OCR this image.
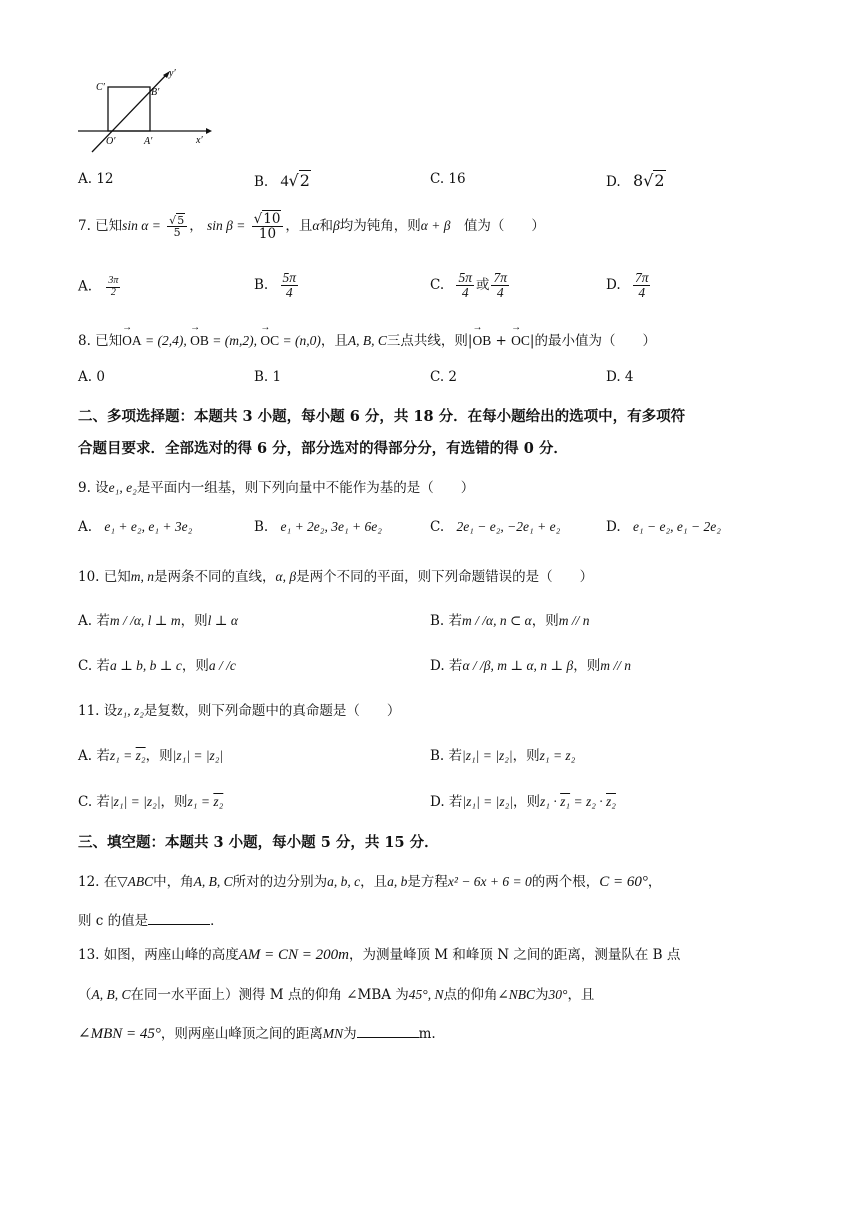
C′	B′
y′
O′	A′	x′
A. 12	B. 4√2	C. 16	D. 8√2
7. 已知$\sin \alpha = \frac{√5}{5}$ ， $\sin \beta = \frac{√10}{10}$ ，且α和β均为钝角，则α + β　值为（　　）
A. $\frac{3\pi}{2}$	B. $\frac{5\pi}{4}$	C. $\frac{5\pi}{4}$ 或 $\frac{7\pi}{4}$	D. $\frac{7\pi}{4}$
8. 已知→ OA = (2,4), → OB = (m,2), → OC = (n,0)，且A, B, C三点共线，则|→ OB + → OC|的最小值为（　　）
A. 0	B. 1	C. 2	D. 4
二、多项选择题：本题共 3 小题，每小题 6 分，共 18 分．在每小题给出的选项中，有多项符
合题目要求．全部选对的得 6 分，部分选对的得部分分，有选错的得 0 分．
9. 设e₁, e₂是平面内一组基，则下列向量中不能作为基的是（　　）
A. e₁ + e₂, e₁ + 3e₂	B. e₁ + 2e₂, 3e₁ + 6e₂	C. 2e₁ − e₂, −2e₁ + e₂	D. e₁ − e₂, e₁ − 2e₂
10. 已知m, n是两条不同的直线，α, β是两个不同的平面，则下列命题错误的是（　　）
A. 若m / /α, l ⊥ m，则l ⊥ α	B. 若m / /α, n ⊂ α，则m // n
C. 若a ⊥ b, b ⊥ c，则a / /c	D. 若α / /β, m ⊥ α, n ⊥ β，则m // n
11. 设z₁, z₂是复数，则下列命题中的真命题是（　　）
A. 若z₁ = z₂，则|z₁| = |z₂|	B. 若|z₁| = |z₂|，则z₁ = z₂
C. 若|z₁| = |z₂|，则z₁ = z₂	D. 若|z₁| = |z₂|，则z₁ · z₁ = z₂ · z₂
三、填空题：本题共 3 小题，每小题 5 分，共 15 分．
12. 在▽ABC中，角A, B, C所对的边分别为a, b, c，且a, b是方程x² − 6x + 6 = 0的两个根，C = 60°，
则 c 的值是	．
13. 如图，两座山峰的高度AM = CN = 200m，为测量峰顶 M 和峰顶 N 之间的距离，测量队在 B 点
（A, B, C在同一水平面上）测得 M 点的仰角 ∠MBA 为45°, N点的仰角∠NBC为30°，且
∠MBN = 45°，则两座山峰顶之间的距离MN为	m.
